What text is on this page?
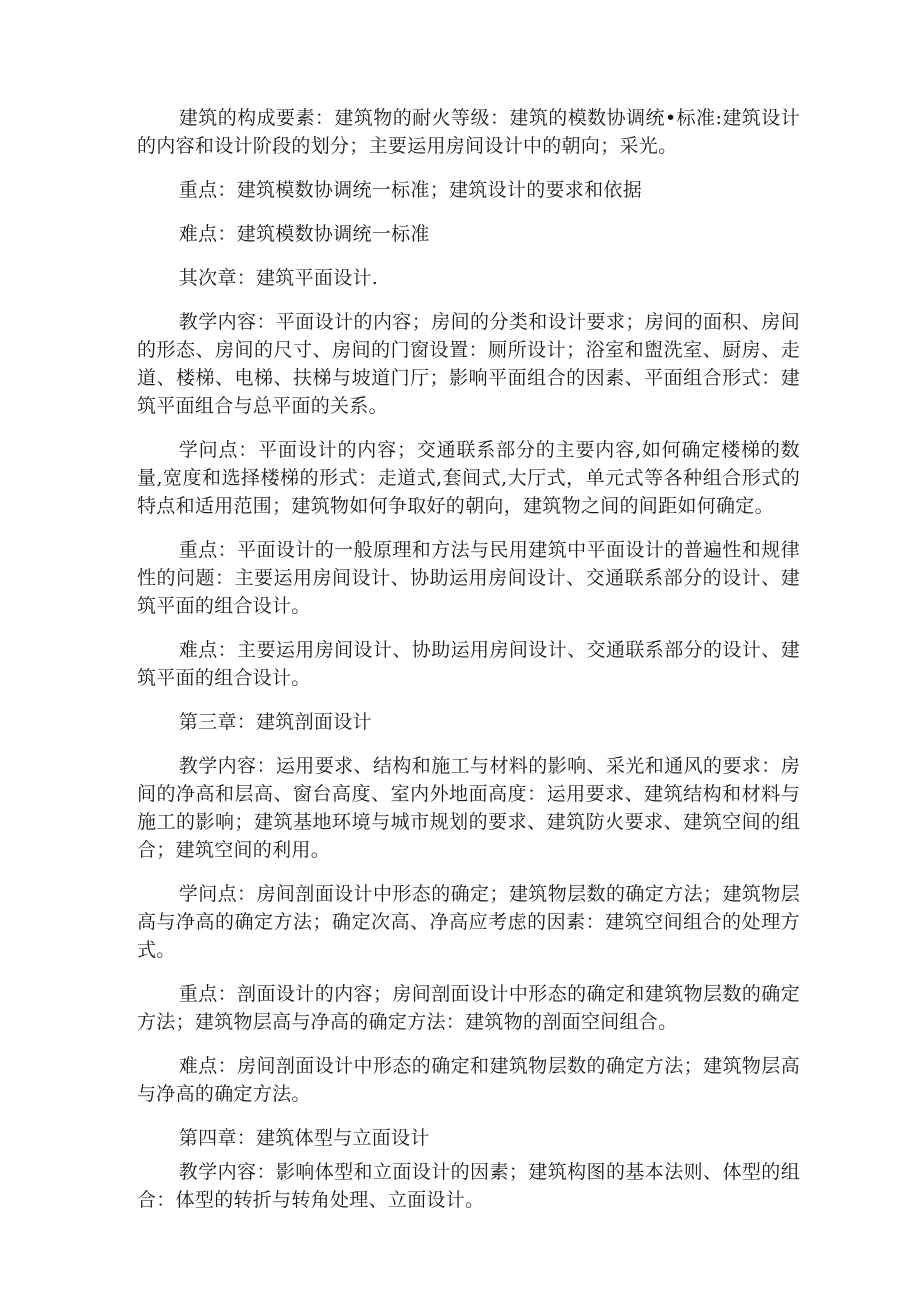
建筑的构成要素：建筑物的耐火等级：建筑的模数协调统•标准:建筑设计的内容和设计阶段的划分；主要运用房间设计中的朝向；采光。

重点：建筑模数协调统一标准；建筑设计的要求和依据

难点：建筑模数协调统一标准

其次章：建筑平面设计.

教学内容：平面设计的内容；房间的分类和设计要求；房间的面积、房间的形态、房间的尺寸、房间的门窗设置：厕所设计；浴室和盥洗室、厨房、走道、楼梯、电梯、扶梯与坡道门厅；影响平面组合的因素、平面组合形式：建筑平面组合与总平面的关系。

学问点：平面设计的内容；交通联系部分的主要内容,如何确定楼梯的数量,宽度和选择楼梯的形式：走道式,套间式,大厅式，单元式等各种组合形式的特点和适用范围；建筑物如何争取好的朝向，建筑物之间的间距如何确定。

重点：平面设计的一般原理和方法与民用建筑中平面设计的普遍性和规律性的问题：主要运用房间设计、协助运用房间设计、交通联系部分的设计、建筑平面的组合设计。

难点：主要运用房间设计、协助运用房间设计、交通联系部分的设计、建筑平面的组合设计。

第三章：建筑剖面设计

教学内容：运用要求、结构和施工与材料的影响、采光和通风的要求：房间的净高和层高、窗台高度、室内外地面高度：运用要求、建筑结构和材料与施工的影响；建筑基地环境与城市规划的要求、建筑防火要求、建筑空间的组合；建筑空间的利用。

学问点：房间剖面设计中形态的确定；建筑物层数的确定方法；建筑物层高与净高的确定方法；确定次高、净高应考虑的因素：建筑空间组合的处理方式。

重点：剖面设计的内容；房间剖面设计中形态的确定和建筑物层数的确定方法；建筑物层高与净高的确定方法：建筑物的剖面空间组合。

难点：房间剖面设计中形态的确定和建筑物层数的确定方法；建筑物层高与净高的确定方法。

第四章：建筑体型与立面设计

教学内容：影响体型和立面设计的因素；建筑构图的基本法则、体型的组合：体型的转折与转角处理、立面设计。
